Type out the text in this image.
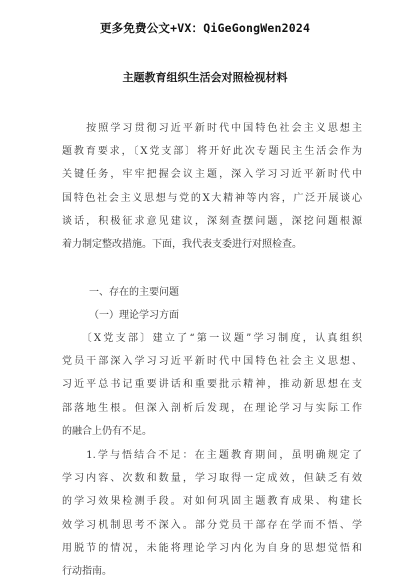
更多免费公文+VX：QiGeGongWen2024
主题教育组织生活会对照检视材料
　　按照学习贯彻习近平新时代中国特色社会主义思想主
题教育要求，〔X党支部〕将开好此次专题民主生活会作为
关键任务，牢牢把握会议主题，深入学习习近平新时代中
国特色社会主义思想与党的X大精神等内容，广泛开展谈心
谈话，积极征求意见建议，深刻查摆问题，深挖问题根源
着力制定整改措施。下面，我代表支委进行对照检查。
一、存在的主要问题
（一）理论学习方面
　　〔X党支部〕建立了“第一议题”学习制度，认真组织
党员干部深入学习习近平新时代中国特色社会主义思想、
习近平总书记重要讲话和重要批示精神，推动新思想在支
部落地生根。但深入剖析后发现，在理论学习与实际工作
的融合上仍有不足。
　　1.学与悟结合不足：在主题教育期间，虽明确规定了
学习内容、次数和数量，学习取得一定成效，但缺乏有效
的学习效果检测手段。对如何巩固主题教育成果、构建长
效学习机制思考不深入。部分党员干部存在学而不悟、学
用脱节的情况，未能将理论学习内化为自身的思想觉悟和
行动指南。
